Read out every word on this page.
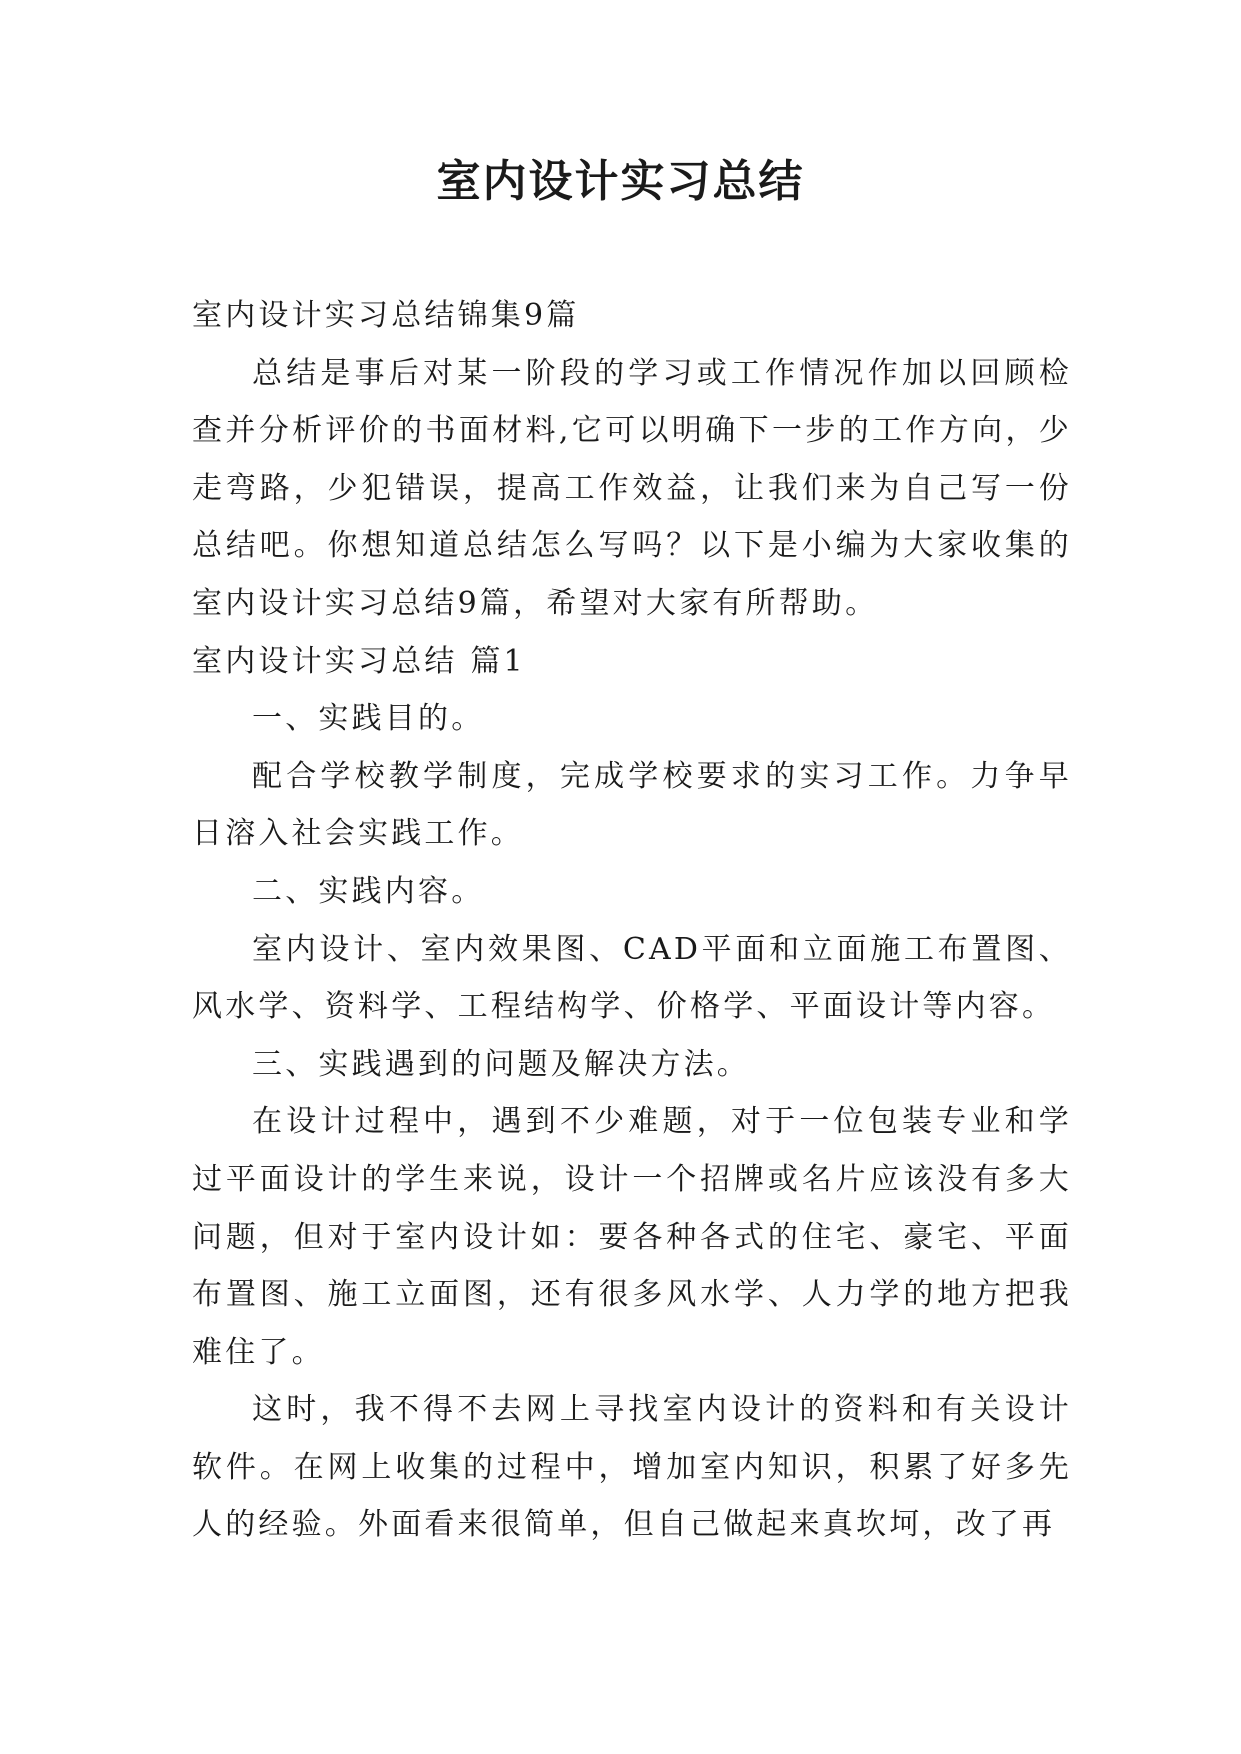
室内设计实习总结

室内设计实习总结锦集9篇

总结是事后对某一阶段的学习或工作情况作加以回顾检查并分析评价的书面材料,它可以明确下一步的工作方向，少走弯路，少犯错误，提高工作效益，让我们来为自己写一份总结吧。你想知道总结怎么写吗？以下是小编为大家收集的室内设计实习总结9篇，希望对大家有所帮助。

室内设计实习总结 篇1

一、实践目的。

配合学校教学制度，完成学校要求的实习工作。力争早日溶入社会实践工作。

二、实践内容。

室内设计、室内效果图、CAD平面和立面施工布置图、风水学、资料学、工程结构学、价格学、平面设计等内容。

三、实践遇到的问题及解决方法。

在设计过程中，遇到不少难题，对于一位包装专业和学过平面设计的学生来说，设计一个招牌或名片应该没有多大问题，但对于室内设计如：要各种各式的住宅、豪宅、平面布置图、施工立面图，还有很多风水学、人力学的地方把我难住了。

这时，我不得不去网上寻找室内设计的资料和有关设计软件。在网上收集的过程中，增加室内知识，积累了好多先人的经验。外面看来很简单，但自己做起来真坎坷，改了再
